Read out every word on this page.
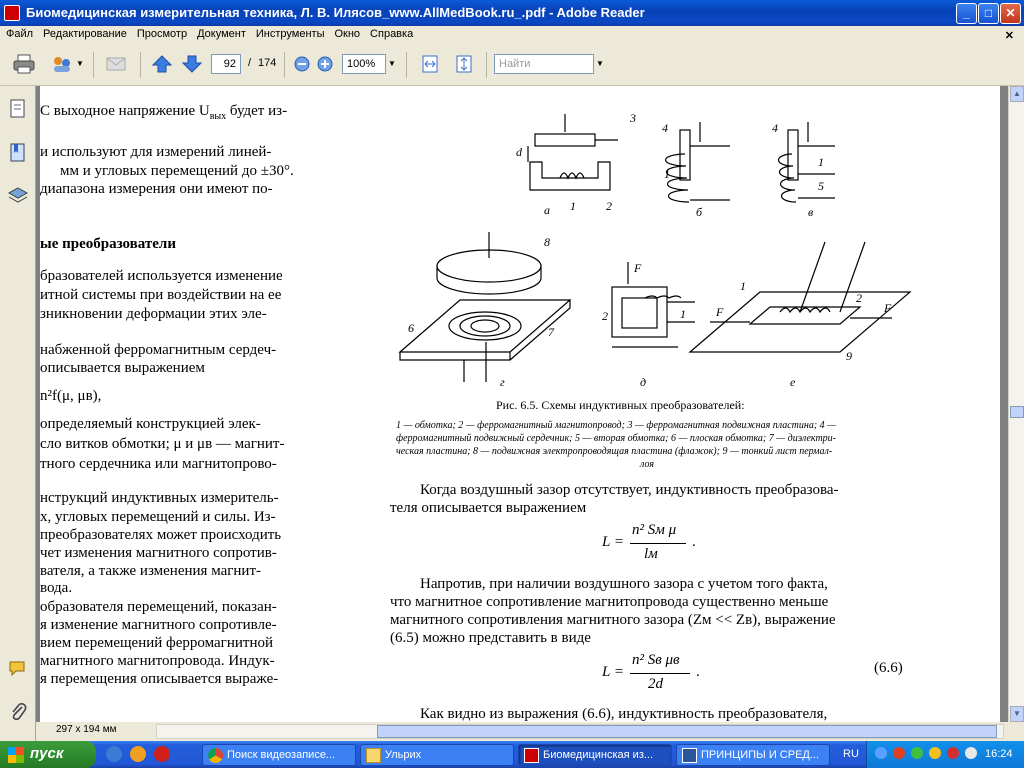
Биомедицинская измерительная техника, Л. В. Илясов_www.AllMedBook.ru_.pdf - Adobe Reader	_	□	✕
Файл Редактирование Просмотр Документ Инструменты Окно Справка	✕
▼	92	/ 174	100%	▼	Найти	▼
С выходное напряжение $U_{вых}$ будет из-
и используют для измерений линей-
мм и угловых перемещений до ±30°.
диапазона измерения они имеют по-
ые преобразователи
бразователей используется изменение
итной системы при воздействии на ее
зникновении деформации этих эле-
набженной ферромагнитным сердеч-
описывается выражением
n²f(μ, μв),
определяемый конструкцией элек-
сло витков обмотки; μ и μв — магнит-
тного сердечника или магнитопрово-
нструкций индуктивных измеритель-
х, угловых перемещений и силы. Из-
преобразователях может происходить
чет изменения магнитного сопротив-
вателя, а также изменения магнит-
вода.
образователя перемещений, показан-
я изменение магнитного сопротивле-
вием перемещений ферромагнитной
магнитного магнитопровода. Индук-
я перемещения описывается выраже-
3
d
а 1	2
4
1
б
4
1
5
в
8
F
6	7
г
2	1
д
1
2
F	F
9
е
Рис. 6.5. Схемы индуктивных преобразователей:
1 — обмотка; 2 — ферромагнитный магнитопровод; 3 — ферромагнитная подвижная пластина; 4 —
ферромагнитный подвижный сердечник; 5 — вторая обмотка; 6 — плоская обмотка; 7 — диэлектри-
ческая пластина; 8 — подвижная электропроводящая пластина (флажок); 9 — тонкий лист пермал-
лоя
Когда воздушный зазор отсутствует, индуктивность преобразова-
теля описывается выражением
L =
n² Sм μ
lм
.
Напротив, при наличии воздушного зазора с учетом того факта,
что магнитное сопротивление магнитопровода существенно меньше
магнитного сопротивления магнитного зазора (Zм << Zв), выражение
(6.5) можно представить в виде
L =
n² Sв μв
2d
.	(6.6)
Как видно из выражения (6.6), индуктивность преобразователя,
▲
▼
297 x 194 мм
пуск	Поиск видеозаписе...	Ульрих	Биомедицинская из...	ПРИНЦИПЫ И СРЕД...	RU	16:24
